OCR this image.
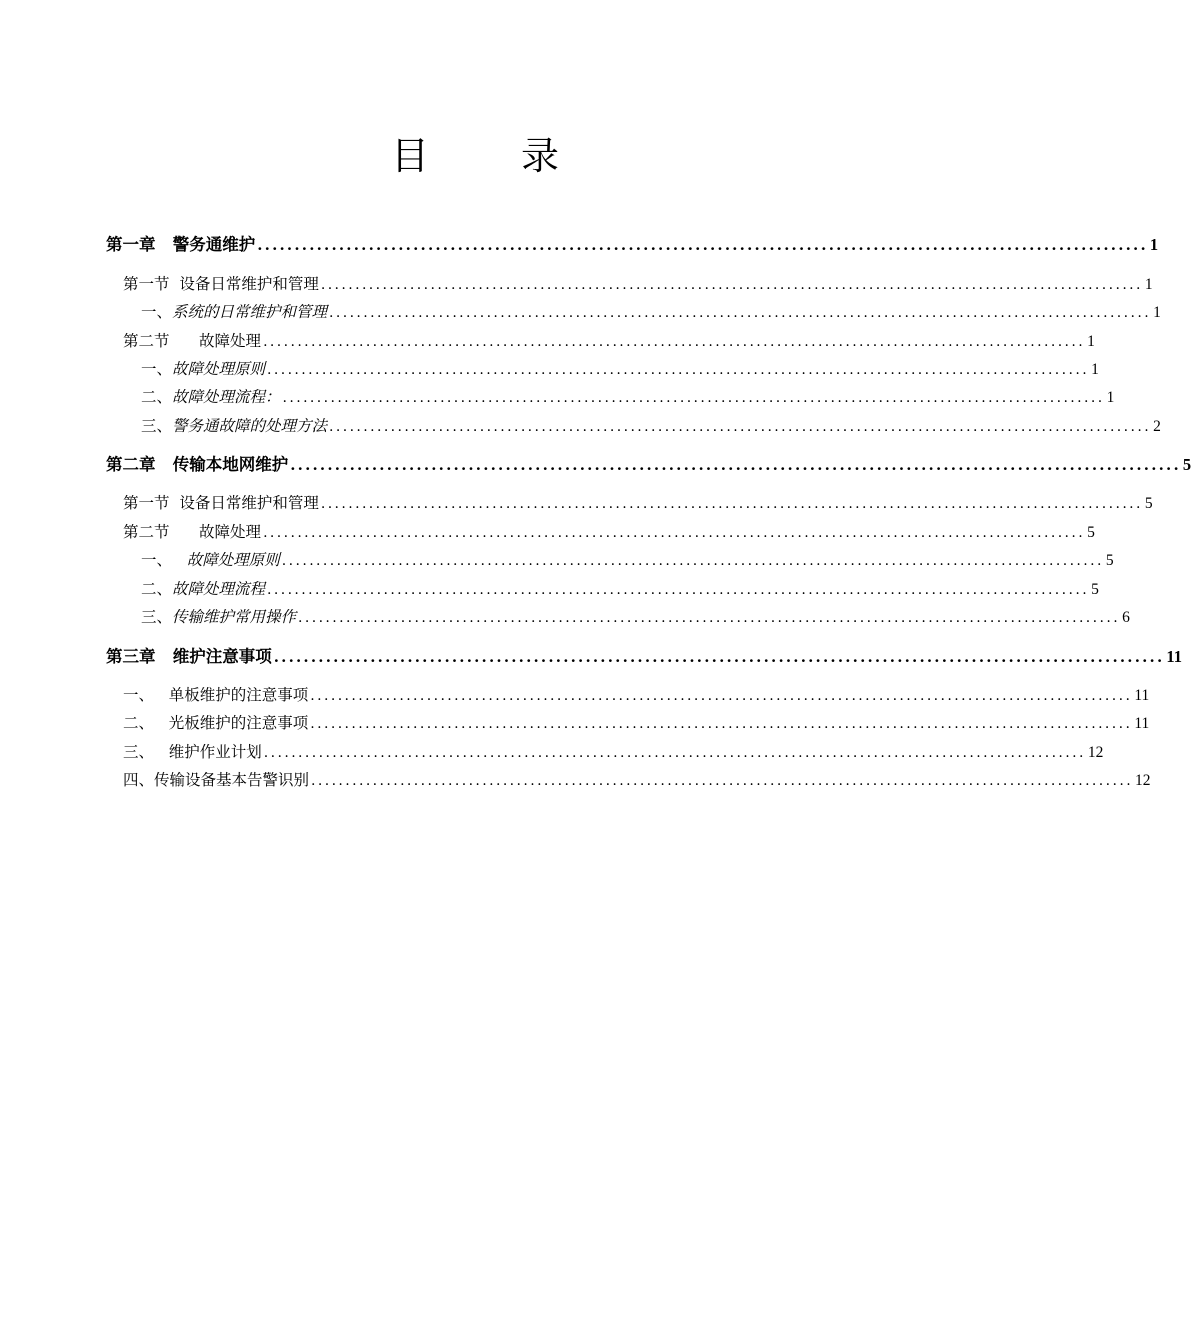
目 录
第一章   警务通维护 ........................................................................................................................ 1
第一节  设备日常维护和管理 ........................................................................................................................ 1
一、系统的日常维护和管理 ........................................................................................................................ 1
第二节      故障处理 ........................................................................................................................ 1
一、故障处理原则 ........................................................................................................................ 1
二、故障处理流程： ........................................................................................................................ 1
三、警务通故障的处理方法 ........................................................................................................................ 2
第二章   传输本地网维护 ........................................................................................................................ 5
第一节  设备日常维护和管理 ........................................................................................................................ 5
第二节      故障处理 ........................................................................................................................ 5
一、   故障处理原则 ........................................................................................................................ 5
二、故障处理流程 ........................................................................................................................ 5
三、传输维护常用操作 ........................................................................................................................ 6
第三章   维护注意事项 ........................................................................................................................ 11
一、   单板维护的注意事项 ........................................................................................................................ 11
二、   光板维护的注意事项 ........................................................................................................................ 11
三、   维护作业计划 ........................................................................................................................ 12
四、传输设备基本告警识别 ........................................................................................................................ 12
